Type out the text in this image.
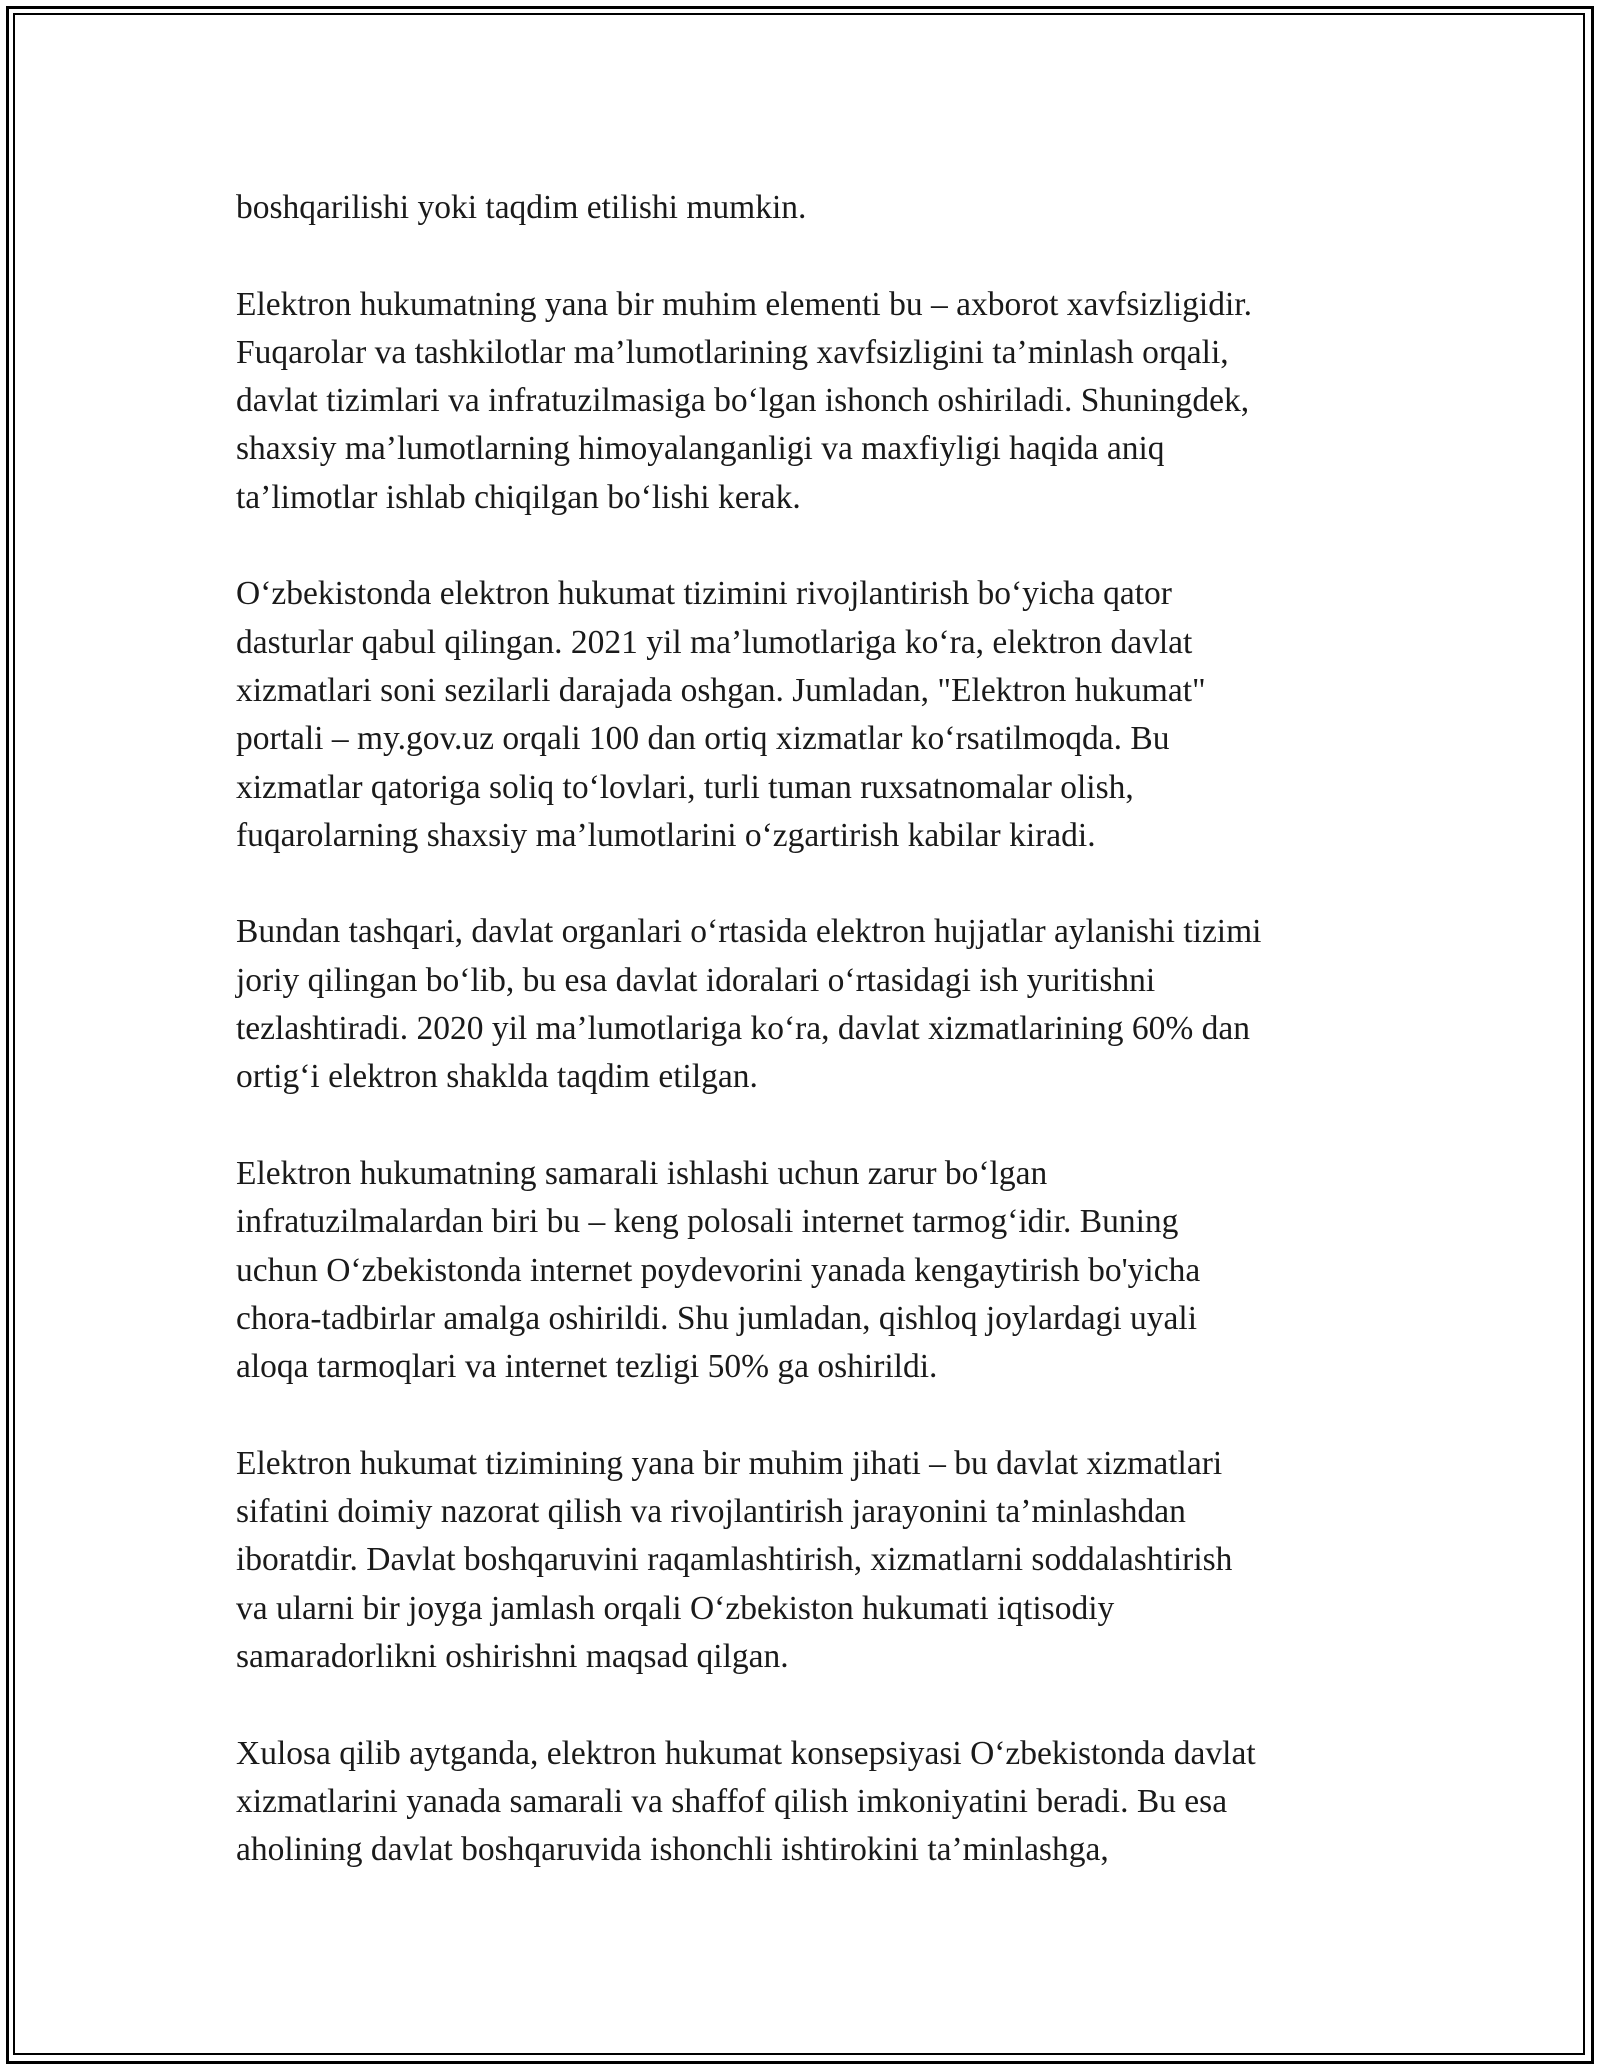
boshqarilishi yoki taqdim etilishi mumkin.

Elektron hukumatning yana bir muhim elementi bu – axborot xavfsizligidir.
Fuqarolar va tashkilotlar ma’lumotlarining xavfsizligini ta’minlash orqali,
davlat tizimlari va infratuzilmasiga boʻlgan ishonch oshiriladi. Shuningdek,
shaxsiy ma’lumotlarning himoyalanganligi va maxfiyligi haqida aniq
ta’limotlar ishlab chiqilgan boʻlishi kerak.

Oʻzbekistonda elektron hukumat tizimini rivojlantirish boʻyicha qator
dasturlar qabul qilingan. 2021 yil ma’lumotlariga koʻra, elektron davlat
xizmatlari soni sezilarli darajada oshgan. Jumladan, "Elektron hukumat"
portali – my.gov.uz orqali 100 dan ortiq xizmatlar koʻrsatilmoqda. Bu
xizmatlar qatoriga soliq toʻlovlari, turli tuman ruxsatnomalar olish,
fuqarolarning shaxsiy ma’lumotlarini oʻzgartirish kabilar kiradi.

Bundan tashqari, davlat organlari oʻrtasida elektron hujjatlar aylanishi tizimi
joriy qilingan boʻlib, bu esa davlat idoralari oʻrtasidagi ish yuritishni
tezlashtiradi. 2020 yil ma’lumotlariga koʻra, davlat xizmatlarining 60% dan
ortigʻi elektron shaklda taqdim etilgan.

Elektron hukumatning samarali ishlashi uchun zarur boʻlgan
infratuzilmalardan biri bu – keng polosali internet tarmogʻidir. Buning
uchun Oʻzbekistonda internet poydevorini yanada kengaytirish bo'yicha
chora-tadbirlar amalga oshirildi. Shu jumladan, qishloq joylardagi uyali
aloqa tarmoqlari va internet tezligi 50% ga oshirildi.

Elektron hukumat tizimining yana bir muhim jihati – bu davlat xizmatlari
sifatini doimiy nazorat qilish va rivojlantirish jarayonini ta’minlashdan
iboratdir. Davlat boshqaruvini raqamlashtirish, xizmatlarni soddalashtirish
va ularni bir joyga jamlash orqali Oʻzbekiston hukumati iqtisodiy
samaradorlikni oshirishni maqsad qilgan.

Xulosa qilib aytganda, elektron hukumat konsepsiyasi Oʻzbekistonda davlat
xizmatlarini yanada samarali va shaffof qilish imkoniyatini beradi. Bu esa
aholining davlat boshqaruvida ishonchli ishtirokini ta’minlashga,
